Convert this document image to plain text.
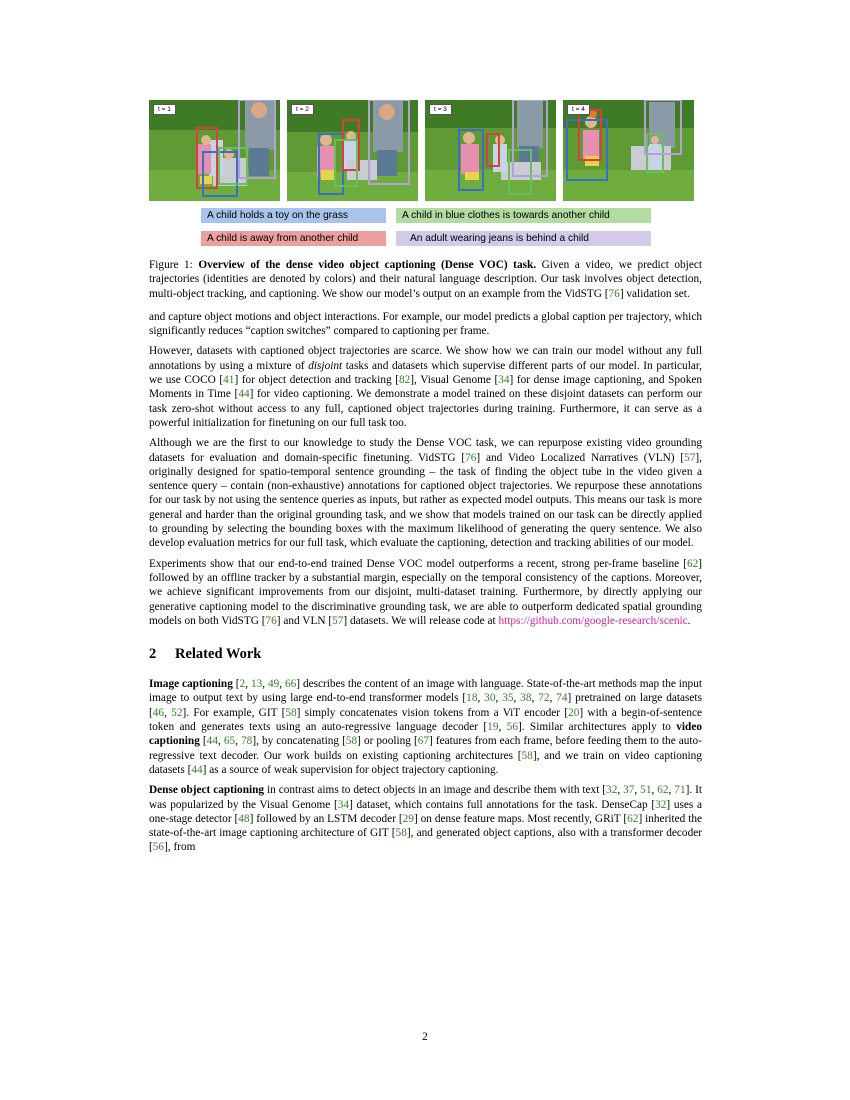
t = 1	t = 2	t = 3	t = 4
A child holds a toy on the grass	A child in blue clothes is towards another child
A child is away from another child	An adult wearing jeans is behind a child
Figure 1: Overview of the dense video object captioning (Dense VOC) task. Given a video, we predict object trajectories (identities are denoted by colors) and their natural language description. Our task involves object detection, multi-object tracking, and captioning. We show our model’s output on an example from the VidSTG [76] validation set.

and capture object motions and object interactions. For example, our model predicts a global caption per trajectory, which significantly reduces “caption switches” compared to captioning per frame.

However, datasets with captioned object trajectories are scarce. We show how we can train our model without any full annotations by using a mixture of disjoint tasks and datasets which supervise different parts of our model. In particular, we use COCO [41] for object detection and tracking [82], Visual Genome [34] for dense image captioning, and Spoken Moments in Time [44] for video captioning. We demonstrate a model trained on these disjoint datasets can perform our task zero-shot without access to any full, captioned object trajectories during training. Furthermore, it can serve as a powerful initialization for finetuning on our full task too.

Although we are the first to our knowledge to study the Dense VOC task, we can repurpose existing video grounding datasets for evaluation and domain-specific finetuning. VidSTG [76] and Video Localized Narratives (VLN) [57], originally designed for spatio-temporal sentence grounding – the task of finding the object tube in the video given a sentence query – contain (non-exhaustive) annotations for captioned object trajectories. We repurpose these annotations for our task by not using the sentence queries as inputs, but rather as expected model outputs. This means our task is more general and harder than the original grounding task, and we show that models trained on our task can be directly applied to grounding by selecting the bounding boxes with the maximum likelihood of generating the query sentence. We also develop evaluation metrics for our full task, which evaluate the captioning, detection and tracking abilities of our model.

Experiments show that our end-to-end trained Dense VOC model outperforms a recent, strong per-frame baseline [62] followed by an offline tracker by a substantial margin, especially on the temporal consistency of the captions. Moreover, we achieve significant improvements from our disjoint, multi-dataset training. Furthermore, by directly applying our generative captioning model to the discriminative grounding task, we are able to outperform dedicated spatial grounding models on both VidSTG [76] and VLN [57] datasets. We will release code at https://github.com/google-research/scenic.

2 Related Work

Image captioning [2, 13, 49, 66] describes the content of an image with language. State-of-the-art methods map the input image to output text by using large end-to-end transformer models [18, 30, 35, 38, 72, 74] pretrained on large datasets [46, 52]. For example, GIT [58] simply concatenates vision tokens from a ViT encoder [20] with a begin-of-sentence token and generates texts using an auto-regressive language decoder [19, 56]. Similar architectures apply to video captioning [44, 65, 78], by concatenating [58] or pooling [67] features from each frame, before feeding them to the auto-regressive text decoder. Our work builds on existing captioning architectures [58], and we train on video captioning datasets [44] as a source of weak supervision for object trajectory captioning.

Dense object captioning in contrast aims to detect objects in an image and describe them with text [32, 37, 51, 62, 71]. It was popularized by the Visual Genome [34] dataset, which contains full annotations for the task. DenseCap [32] uses a one-stage detector [48] followed by an LSTM decoder [29] on dense feature maps. Most recently, GRiT [62] inherited the state-of-the-art image captioning architecture of GIT [58], and generated object captions, also with a transformer decoder [56], from

2
